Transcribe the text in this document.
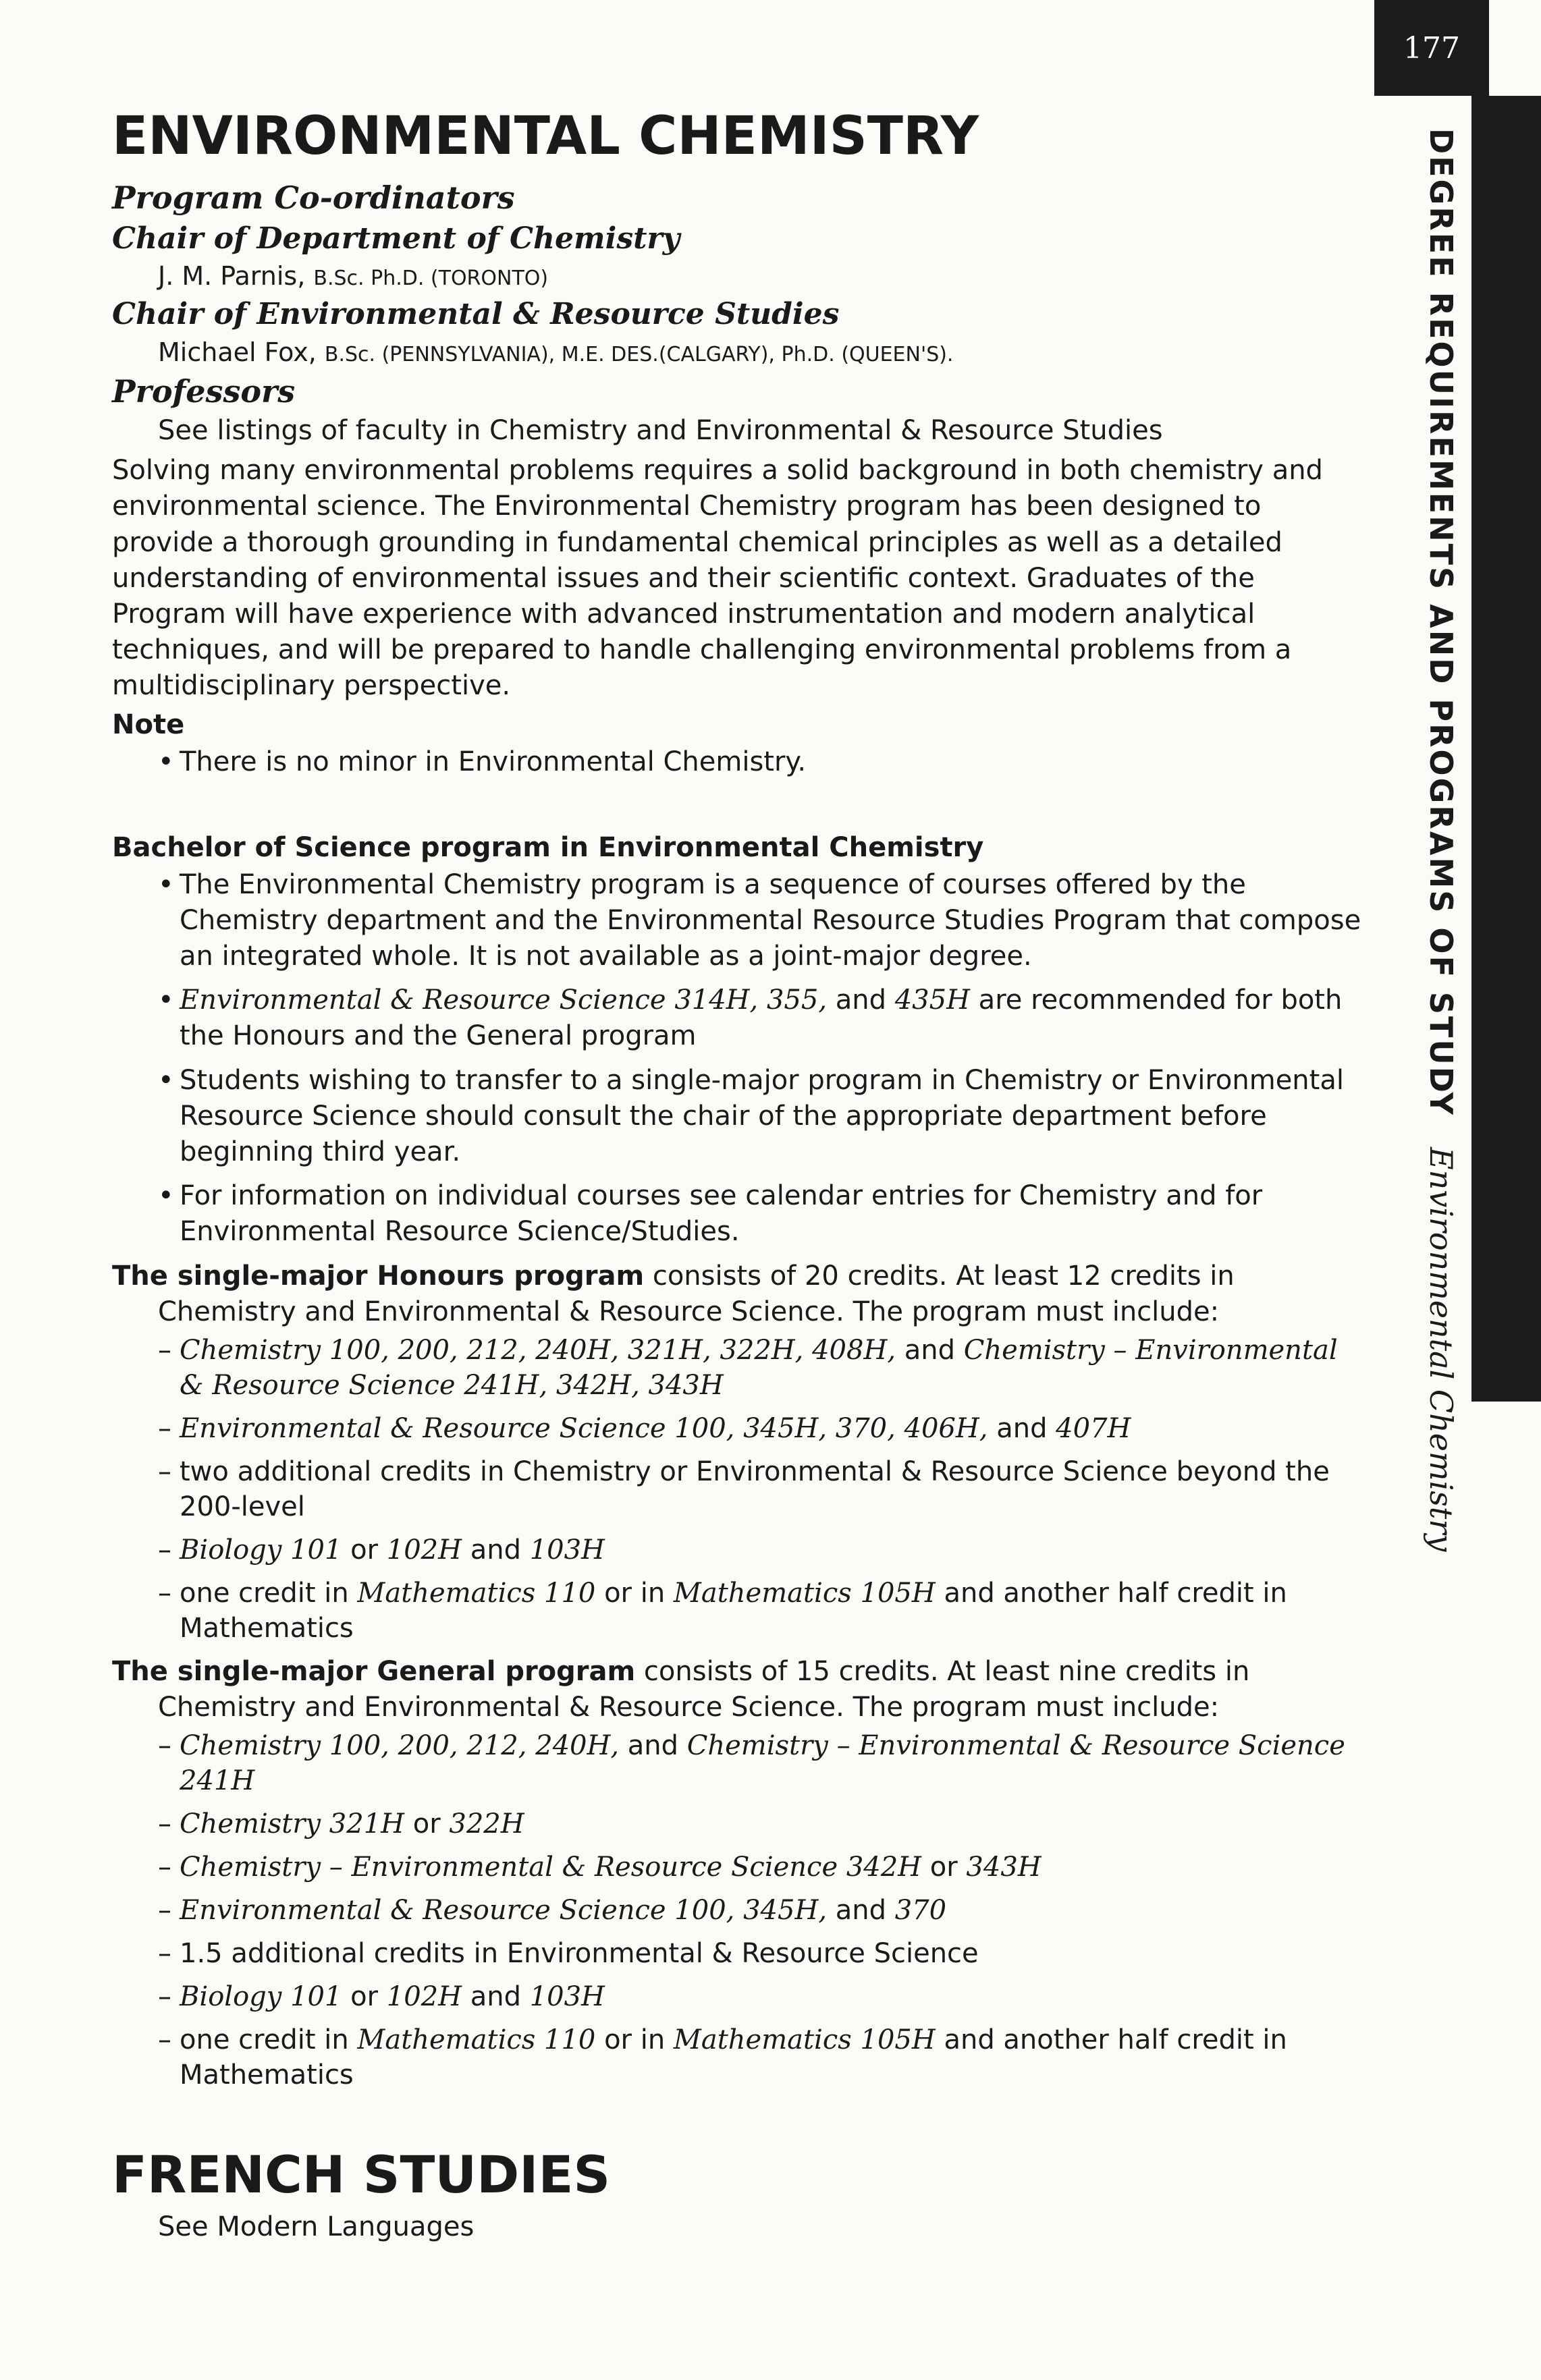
177
DEGREE REQUIREMENTS AND PROGRAMS OF STUDY Environmental Chemistry
ENVIRONMENTAL CHEMISTRY

Program Co-ordinators

Chair of Department of Chemistry

J. M. Parnis, B.Sc. Ph.D. (TORONTO)

Chair of Environmental & Resource Studies

Michael Fox, B.Sc. (PENNSYLVANIA), M.E. DES.(CALGARY), Ph.D. (QUEEN'S).

Professors

See listings of faculty in Chemistry and Environmental & Resource Studies

Solving many environmental problems requires a solid background in both chemistry and environmental science. The Environmental Chemistry program has been designed to provide a thorough grounding in fundamental chemical principles as well as a detailed understanding of environmental issues and their scientific context. Graduates of the Program will have experience with advanced instrumentation and modern analytical techniques, and will be prepared to handle challenging environmental problems from a multidisciplinary perspective.

Note

• There is no minor in Environmental Chemistry.

Bachelor of Science program in Environmental Chemistry

• The Environmental Chemistry program is a sequence of courses offered by the Chemistry department and the Environmental Resource Studies Program that compose an integrated whole. It is not available as a joint-major degree.
• Environmental & Resource Science 314H, 355, and 435H are recommended for both the Honours and the General program
• Students wishing to transfer to a single-major program in Chemistry or Environmental Resource Science should consult the chair of the appropriate department before beginning third year.
• For information on individual courses see calendar entries for Chemistry and for Environmental Resource Science/Studies.

The single-major Honours program consists of 20 credits. At least 12 credits in Chemistry and Environmental & Resource Science. The program must include:

– Chemistry 100, 200, 212, 240H, 321H, 322H, 408H, and Chemistry – Environmental & Resource Science 241H, 342H, 343H
– Environmental & Resource Science 100, 345H, 370, 406H, and 407H
– two additional credits in Chemistry or Environmental & Resource Science beyond the 200-level
– Biology 101 or 102H and 103H
– one credit in Mathematics 110 or in Mathematics 105H and another half credit in Mathematics

The single-major General program consists of 15 credits. At least nine credits in Chemistry and Environmental & Resource Science. The program must include:

– Chemistry 100, 200, 212, 240H, and Chemistry – Environmental & Resource Science 241H
– Chemistry 321H or 322H
– Chemistry – Environmental & Resource Science 342H or 343H
– Environmental & Resource Science 100, 345H, and 370
– 1.5 additional credits in Environmental & Resource Science
– Biology 101 or 102H and 103H
– one credit in Mathematics 110 or in Mathematics 105H and another half credit in Mathematics
FRENCH STUDIES

See Modern Languages
